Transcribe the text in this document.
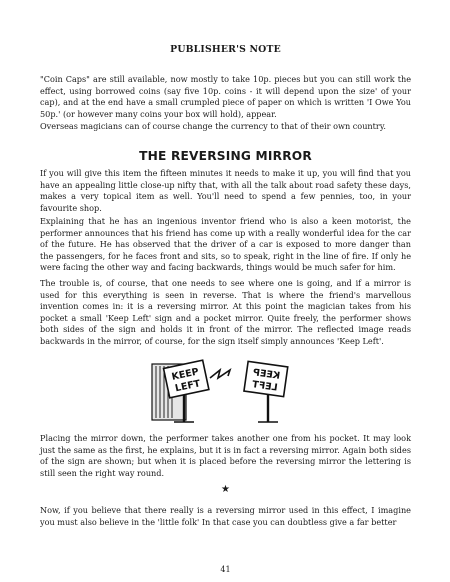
PUBLISHER'S NOTE

"Coin Caps" are still available, now mostly to take 10p. pieces but you can still work the effect, using borrowed coins (say five 10p. coins - it will depend upon the size' of your cap), and at the end have a small crumpled piece of paper on which is written 'I Owe You 50p.' (or however many coins your box will hold), appear.

Overseas magicians can of course change the currency to that of their own country.

THE REVERSING MIRROR

If you will give this item the fifteen minutes it needs to make it up, you will find that you have an appealing little close-up nifty that, with all the talk about road safety these days, makes a very topical item as well. You'll need to spend a few pennies, too, in your favourite shop.

Explaining that he has an ingenious inventor friend who is also a keen motorist, the performer announces that his friend has come up with a really wonderful idea for the car of the future. He has observed that the driver of a car is exposed to more danger than the passengers, for he faces front and sits, so to speak, right in the line of fire. If only he were facing the other way and facing backwards, things would be much safer for him.

The trouble is, of course, that one needs to see where one is going, and if a mirror is used for this everything is seen in reverse. That is where the friend's marvellous invention comes in: it is a reversing mirror. At this point the magician takes from his pocket a small 'Keep Left' sign and a pocket mirror. Quite freely, the performer shows both sides of the sign and holds it in front of the mirror. The reflected image reads backwards in the mirror, of course, for the sign itself simply announces 'Keep Left'.

KEEP
LEFT
KEEP
LEFT

Placing the mirror down, the performer takes another one from his pocket. It may look just the same as the first, he explains, but it is in fact a reversing mirror. Again both sides of the sign are shown; but when it is placed before the reversing mirror the lettering is still seen the right way round.

★

Now, if you believe that there really is a reversing mirror used in this effect, I imagine you must also believe in the 'little folk' In that case you can doubtless give a far better

41
